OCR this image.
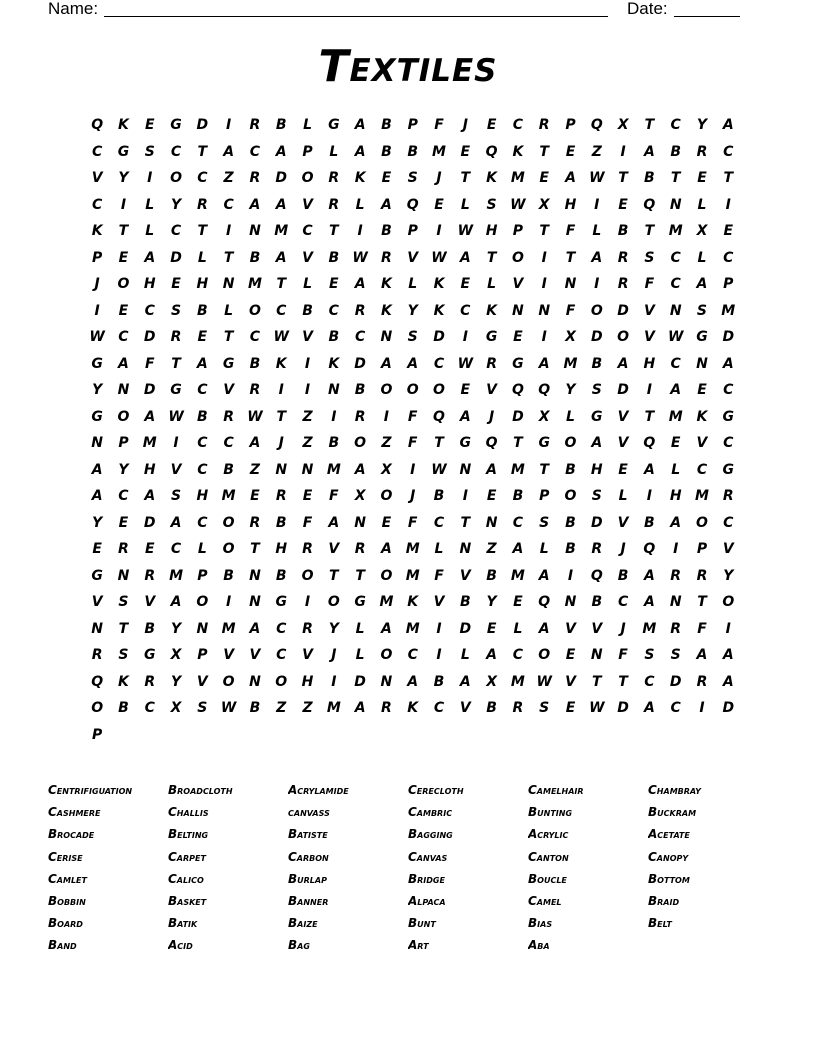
Name:	Date:
Textiles
Q	K	E	G	D	I	R	B	L	G	A	B	P	F	J	E	C	R	P	Q	X	T	C	Y	A
C	G	S	C	T	A	C	A	P	L	A	B	B M	E	Q	K	T	E	Z	I	A	B	R	C
V	Y	I	O	C	Z	R	D	O	R	K	E	S	J	T	K M	E	A W T	B	T	E	T
C	I	L	Y	R	C	A	A	V	R	L	A	Q	E	L	S W X	H	I	E	Q	N	L	I
K	T	L	C	T	I	N M	C	T	I	B	P	I	W H	P	T	F	L	B	T	M X	E
P	E	A	D	L	T	B	A	V	B W R	V W A	T	O	I	T	A	R	S	C	L	C
J	O	H	E	H	N M	T	L	E	A	K	L	K	E	L	V	I	N	I	R	F	C	A	P
I	E	C	S	B	L	O	C	B	C	R	K	Y	K	C	K	N	N	F	O	D	V	N	S	M
W C	D	R	E	T	C W V	B	C	N	S	D	I	G	E	I	X	D	O	V W G	D
G	A	F	T	A	G	B	K	I	K	D	A	A	C W R	G	A M	B	A	H	C	N	A
Y	N	D	G	C	V	R	I	I	N	B	O	O	O	E	V	Q	Q	Y	S	D	I	A	E	C
G	O	A W B	R W T	Z	I	R	I	F	Q	A	J	D	X	L	G	V	T	M K	G
N	P	M	I	C	C	A	J	Z	B	O	Z	F	T	G	Q	T	G	O	A	V	Q	E	V	C
A	Y	H	V	C	B	Z	N	N M A	X	I	W N	A M	T	B	H	E	A	L	C	G
A	C	A	S	H M	E	R	E	F	X	O	J	B	I	E	B	P	O	S	L	I	H M R
Y	E	D	A	C	O	R	B	F	A	N	E	F	C	T	N	C	S	B	D	V	B	A	O	C
E	R	E	C	L	O	T	H	R	V	R	A M	L	N	Z	A	L	B	R	J	Q	I	P	V
G	N	R M	P	B	N	B	O	T	T	O M	F	V	B M A	I	Q	B	A	R	R	Y
V	S	V	A	O	I	N	G	I	O	G M K	V	B	Y	E	Q	N	B	C	A	N	T	O
N	T	B	Y	N M A	C	R	Y	L	A M	I	D	E	L	A	V	V	J	M R	F	I
R	S	G	X	P	V	V	C	V	J	L	O	C	I	L	A	C	O	E	N	F	S	S	A	A
Q	K	R	Y	V	O	N	O	H	I	D	N	A	B	A	X M W V	T	T	C	D	R	A
O	B	C	X	S W B	Z	Z	M A	R	K	C	V	B	R	S	E W D	A	C	I	D
P
Centrifiguation	Broadcloth	Acrylamide	Cerecloth	Camelhair	Chambray
Cashmere	Challis	canvass	Cambric	Bunting	Buckram
Brocade	Belting	Batiste	Bagging	Acrylic	Acetate
Cerise	Carpet	Carbon	Canvas	Canton	Canopy
Camlet	Calico	Burlap	Bridge	Boucle	Bottom
Bobbin	Basket	Banner	Alpaca	Camel	Braid
Board	Batik	Baize	Bunt	Bias	Belt
Band	Acid	Bag	Art	Aba
